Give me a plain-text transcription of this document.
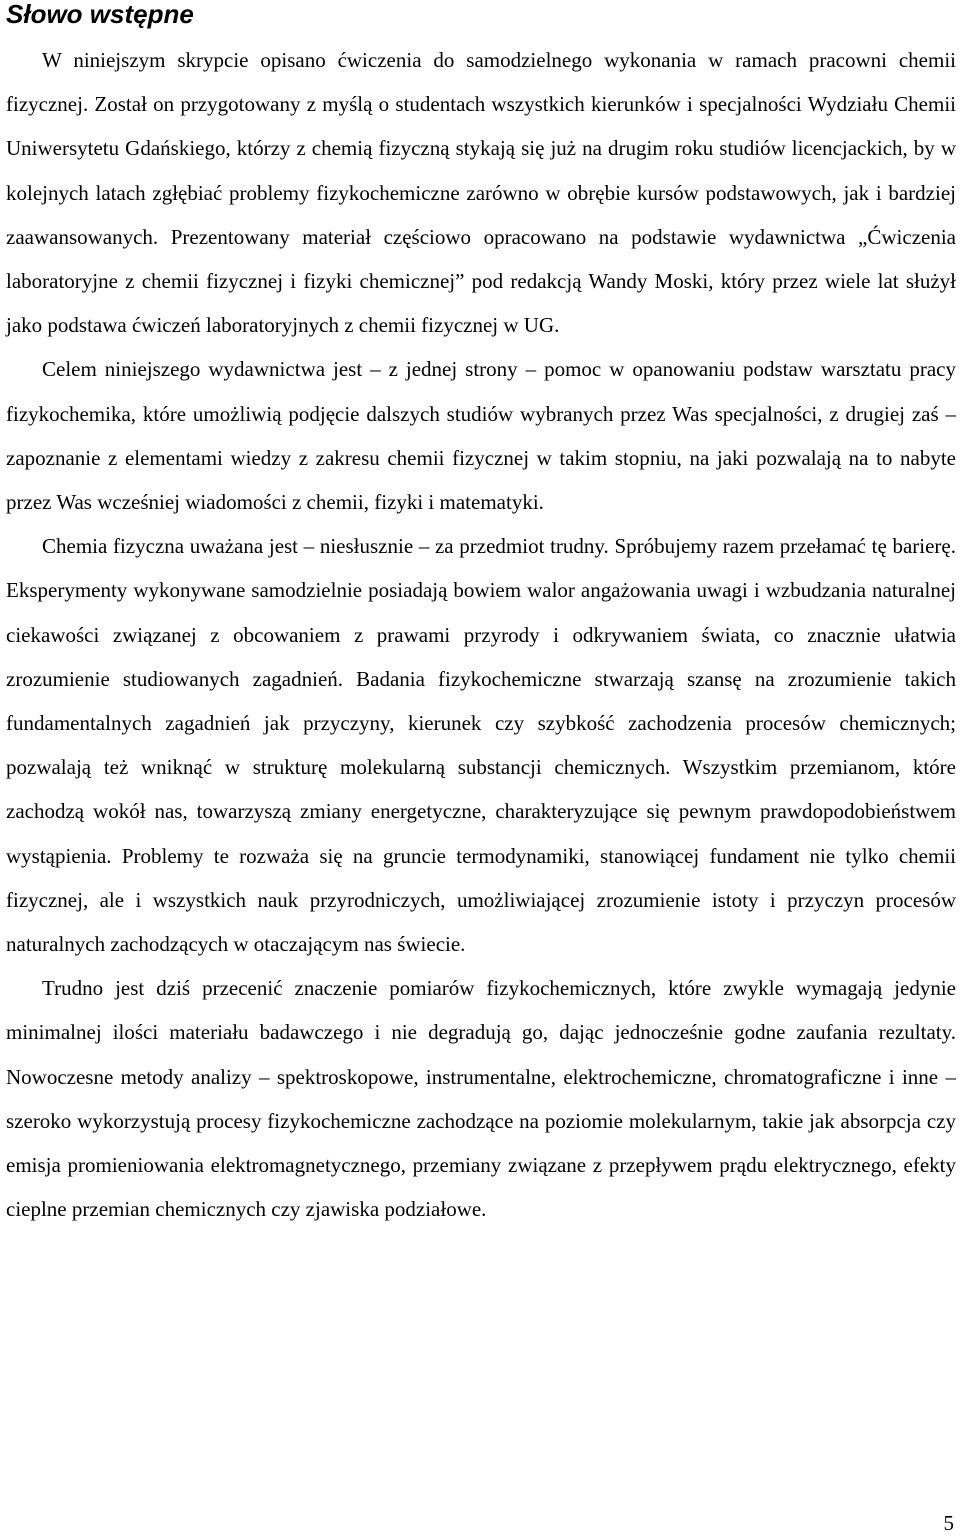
Słowo wstępne

W niniejszym skrypcie opisano ćwiczenia do samodzielnego wykonania w ramach pracowni chemii fizycznej. Został on przygotowany z myślą o studentach wszystkich kierunków i specjalności Wydziału Chemii Uniwersytetu Gdańskiego, którzy z chemią fizyczną stykają się już na drugim roku studiów licencjackich, by w kolejnych latach zgłębiać problemy fizykochemiczne zarówno w obrębie kursów podstawowych, jak i bardziej zaawansowanych. Prezentowany materiał częściowo opracowano na podstawie wydawnictwa „Ćwiczenia laboratoryjne z chemii fizycznej i fizyki chemicznej” pod redakcją Wandy Moski, który przez wiele lat służył jako podstawa ćwiczeń laboratoryjnych z chemii fizycznej w UG.

Celem niniejszego wydawnictwa jest – z jednej strony – pomoc w opanowaniu podstaw warsztatu pracy fizykochemika, które umożliwią podjęcie dalszych studiów wybranych przez Was specjalności, z drugiej zaś – zapoznanie z elementami wiedzy z zakresu chemii fizycznej w takim stopniu, na jaki pozwalają na to nabyte przez Was wcześniej wiadomości z chemii, fizyki i matematyki.

Chemia fizyczna uważana jest – niesłusznie – za przedmiot trudny. Spróbujemy razem przełamać tę barierę. Eksperymenty wykonywane samodzielnie posiadają bowiem walor angażowania uwagi i wzbudzania naturalnej ciekawości związanej z obcowaniem z prawami przyrody i odkrywaniem świata, co znacznie ułatwia zrozumienie studiowanych zagadnień. Badania fizykochemiczne stwarzają szansę na zrozumienie takich fundamentalnych zagadnień jak przyczyny, kierunek czy szybkość zachodzenia procesów chemicznych; pozwalają też wniknąć w strukturę molekularną substancji chemicznych. Wszystkim przemianom, które zachodzą wokół nas, towarzyszą zmiany energetyczne, charakteryzujące się pewnym prawdopodobieństwem wystąpienia. Problemy te rozważa się na gruncie termodynamiki, stanowiącej fundament nie tylko chemii fizycznej, ale i wszystkich nauk przyrodniczych, umożliwiającej zrozumienie istoty i przyczyn procesów naturalnych zachodzących w otaczającym nas świecie.

Trudno jest dziś przecenić znaczenie pomiarów fizykochemicznych, które zwykle wymagają jedynie minimalnej ilości materiału badawczego i nie degradują go, dając jednocześnie godne zaufania rezultaty. Nowoczesne metody analizy – spektroskopowe, instrumentalne, elektrochemiczne, chromatograficzne i inne – szeroko wykorzystują procesy fizykochemiczne zachodzące na poziomie molekularnym, takie jak absorpcja czy emisja promieniowania elektromagnetycznego, przemiany związane z przepływem prądu elektrycznego, efekty cieplne przemian chemicznych czy zjawiska podziałowe.

5
